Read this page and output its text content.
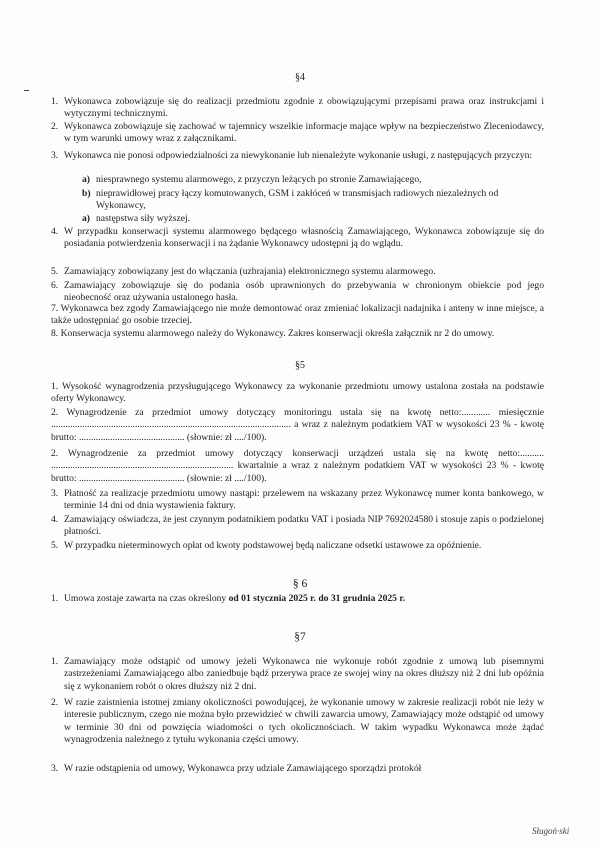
§4
1. Wykonawca zobowiązuje się do realizacji przedmiotu zgodnie z obowiązującymi przepisami prawa oraz instrukcjami i wytycznymi technicznymi.
2. Wykonawca zobowiązuje się zachować w tajemnicy wszelkie informacje mające wpływ na bezpieczeństwo Zleceniodawcy, w tym warunki umowy wraz z załącznikami.
3. Wykonawca nie ponosi odpowiedzialności za niewykonanie lub nienależyte wykonanie usługi, z następujących przyczyn:
a) niesprawnego systemu alarmowego, z przyczyn leżących po stronie Zamawiającego,
b) nieprawidłowej pracy łączy komutowanych, GSM i zakłóceń w transmisjach radiowych niezależnych od Wykonawcy,
a) następstwa siły wyższej.
4. W przypadku konserwacji systemu alarmowego będącego własnością Zamawiającego, Wykonawca zobowiązuje się do posiadania potwierdzenia konserwacji i na żądanie Wykonawcy udostępni ją do wglądu.
5. Zamawiający zobowiązany jest do włączania (uzbrajania) elektronicznego systemu alarmowego.
6. Zamawiający zobowiązuje się do podania osób uprawnionych do przebywania w chronionym obiekcie pod jego nieobecność oraz używania ustalonego hasła.
7. Wykonawca bez zgody Zamawiającego nie może demontować oraz zmieniać lokalizacji nadajnika i anteny w inne miejsce, a także udostępniać go osobie trzeciej.
8. Konserwacja systemu alarmowego należy do Wykonawcy. Zakres konserwacji określa załącznik nr 2 do umowy.
§5
1. Wysokość wynagrodzenia przysługującego Wykonawcy za wykonanie przedmiotu umowy ustalona została na podstawie oferty Wykonawcy.
2. Wynagrodzenie za przedmiot umowy dotyczący monitoringu ustala się na kwotę netto:............ miesięcznie .................................................................................................... a wraz z należnym podatkiem VAT w wysokości 23 % - kwotę brutto: ............................................ (słownie: zł ..../100).
2. Wynagrodzenie za przedmiot umowy dotyczący konserwacji urządzeń ustala się na kwotę netto:.......... ............................................................................ kwartalnie a wraz z należnym podatkiem VAT w wysokości 23 % - kwotę brutto: ............................................ (słownie: zł ..../100).
3. Płatność za realizacje przedmiotu umowy nastąpi: przelewem na wskazany przez Wykonawcę numer konta bankowego, w terminie 14 dni od dnia wystawienia faktury.
4. Zamawiający oświadcza, że jest czynnym podatnikiem podatku VAT i posiada NIP 7692024580 i stosuje zapis o podzielonej płatności.
5. W przypadku nieterminowych opłat od kwoty podstawowej będą naliczane odsetki ustawowe za opóźnienie.
§ 6
1. Umowa zostaje zawarta na czas określony od 01 stycznia 2025 r. do 31 grudnia 2025 r.
§7
1. Zamawiający może odstąpić od umowy jeżeli Wykonawca nie wykonuje robót zgodnie z umową lub pisemnymi zastrzeżeniami Zamawiającego albo zaniedbuje bądź przerywa prace ze swojej winy na okres dłuższy niż 2 dni lub opóźnia się z wykonaniem robót o okres dłuższy niż 2 dni.
2. W razie zaistnienia istotnej zmiany okoliczności powodującej, że wykonanie umowy w zakresie realizacji robót nie leży w interesie publicznym, czego nie można było przewidzieć w chwili zawarcia umowy, Zamawiający może odstąpić od umowy w terminie 30 dni od powzięcia wiadomości o tych okolicznościach. W takim wypadku Wykonawca może żądać wynagrodzenia należnego z tytułu wykonania części umowy.
3. W razie odstąpienia od umowy, Wykonawca przy udziale Zamawiającego sporządzi protokół
Sługoń·ski
